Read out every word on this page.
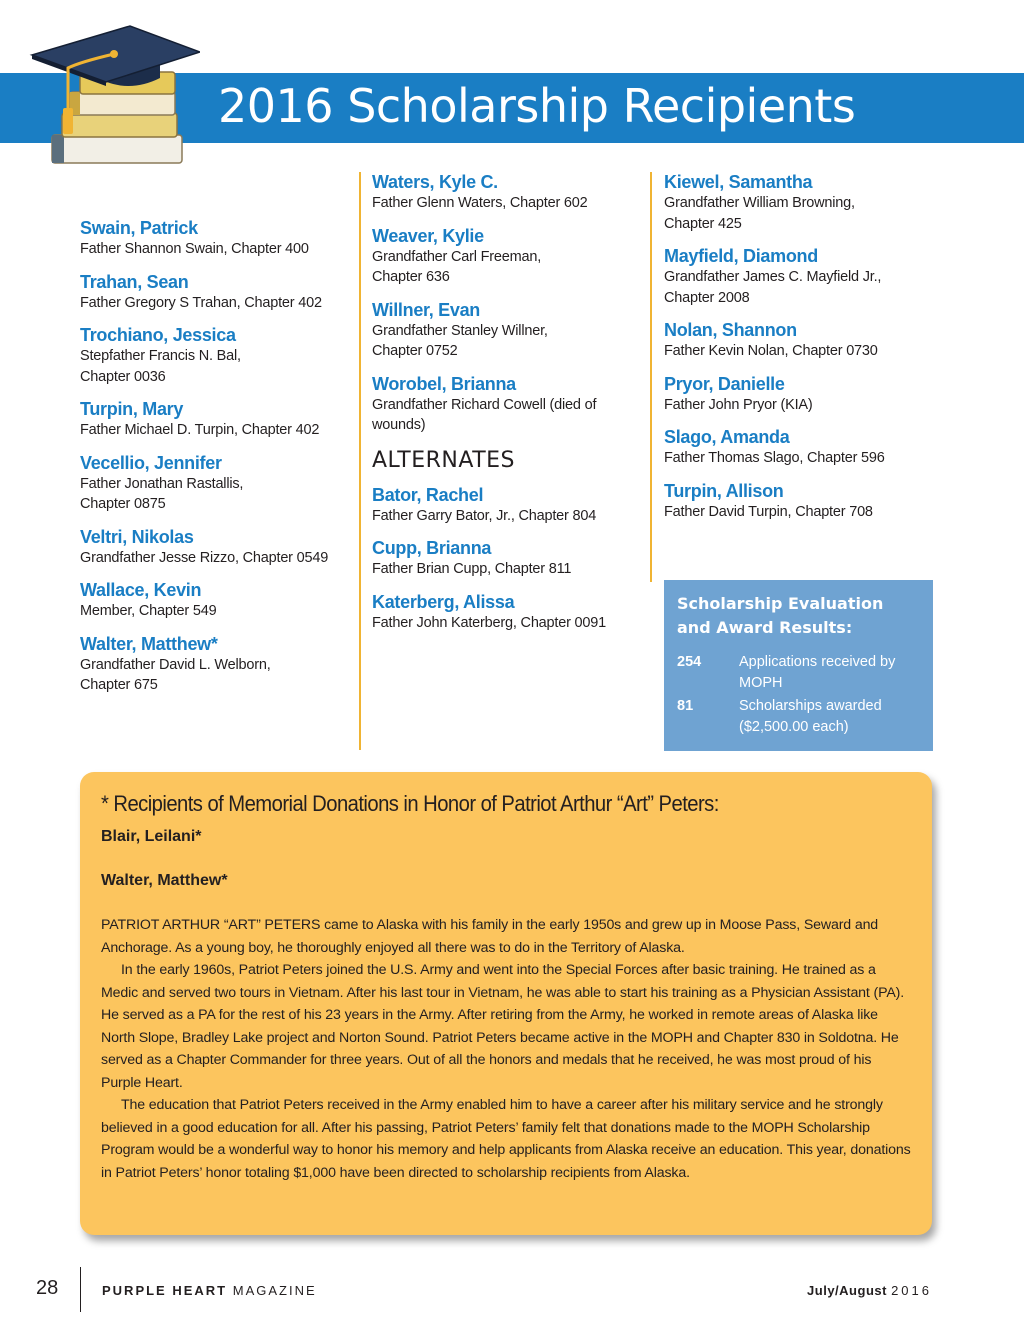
2016 Scholarship Recipients
Swain, Patrick
Father Shannon Swain, Chapter 400
Trahan, Sean
Father Gregory S Trahan, Chapter 402
Trochiano, Jessica
Stepfather Francis N. Bal, Chapter 0036
Turpin, Mary
Father Michael D. Turpin, Chapter 402
Vecellio, Jennifer
Father Jonathan Rastallis, Chapter 0875
Veltri, Nikolas
Grandfather Jesse Rizzo, Chapter 0549
Wallace, Kevin
Member, Chapter 549
Walter, Matthew*
Grandfather David L. Welborn, Chapter 675
Waters, Kyle C.
Father Glenn Waters, Chapter 602
Weaver, Kylie
Grandfather Carl Freeman, Chapter 636
Willner, Evan
Grandfather Stanley Willner, Chapter 0752
Worobel, Brianna
Grandfather Richard Cowell (died of wounds)
ALTERNATES
Bator, Rachel
Father Garry Bator, Jr., Chapter 804
Cupp, Brianna
Father Brian Cupp, Chapter 811
Katerberg, Alissa
Father John Katerberg, Chapter 0091
Kiewel, Samantha
Grandfather William Browning, Chapter 425
Mayfield, Diamond
Grandfather James C. Mayfield Jr., Chapter 2008
Nolan, Shannon
Father Kevin Nolan, Chapter 0730
Pryor, Danielle
Father John Pryor (KIA)
Slago, Amanda
Father Thomas Slago, Chapter 596
Turpin, Allison
Father David Turpin, Chapter 708
Scholarship Evaluation and Award Results:
254	Applications received by MOPH
81	Scholarships awarded ($2,500.00 each)
* Recipients of Memorial Donations in Honor of Patriot Arthur “Art” Peters:
Blair, Leilani*
Walter, Matthew*

PATRIOT ARTHUR “ART” PETERS came to Alaska with his family in the early 1950s and grew up in Moose Pass, Seward and Anchorage. As a young boy, he thoroughly enjoyed all there was to do in the Territory of Alaska.

In the early 1960s, Patriot Peters joined the U.S. Army and went into the Special Forces after basic training. He trained as a Medic and served two tours in Vietnam. After his last tour in Vietnam, he was able to start his training as a Physician Assistant (PA). He served as a PA for the rest of his 23 years in the Army. After retiring from the Army, he worked in remote areas of Alaska like North Slope, Bradley Lake project and Norton Sound. Patriot Peters became active in the MOPH and Chapter 830 in Soldotna. He served as a Chapter Commander for three years. Out of all the honors and medals that he received, he was most proud of his Purple Heart.

The education that Patriot Peters received in the Army enabled him to have a career after his military service and he strongly believed in a good education for all. After his passing, Patriot Peters’ family felt that donations made to the MOPH Scholarship Program would be a wonderful way to honor his memory and help applicants from Alaska receive an education. This year, donations in Patriot Peters’ honor totaling $1,000 have been directed to scholarship recipients from Alaska.

28	PURPLE HEART MAGAZINE	July/August 2016
